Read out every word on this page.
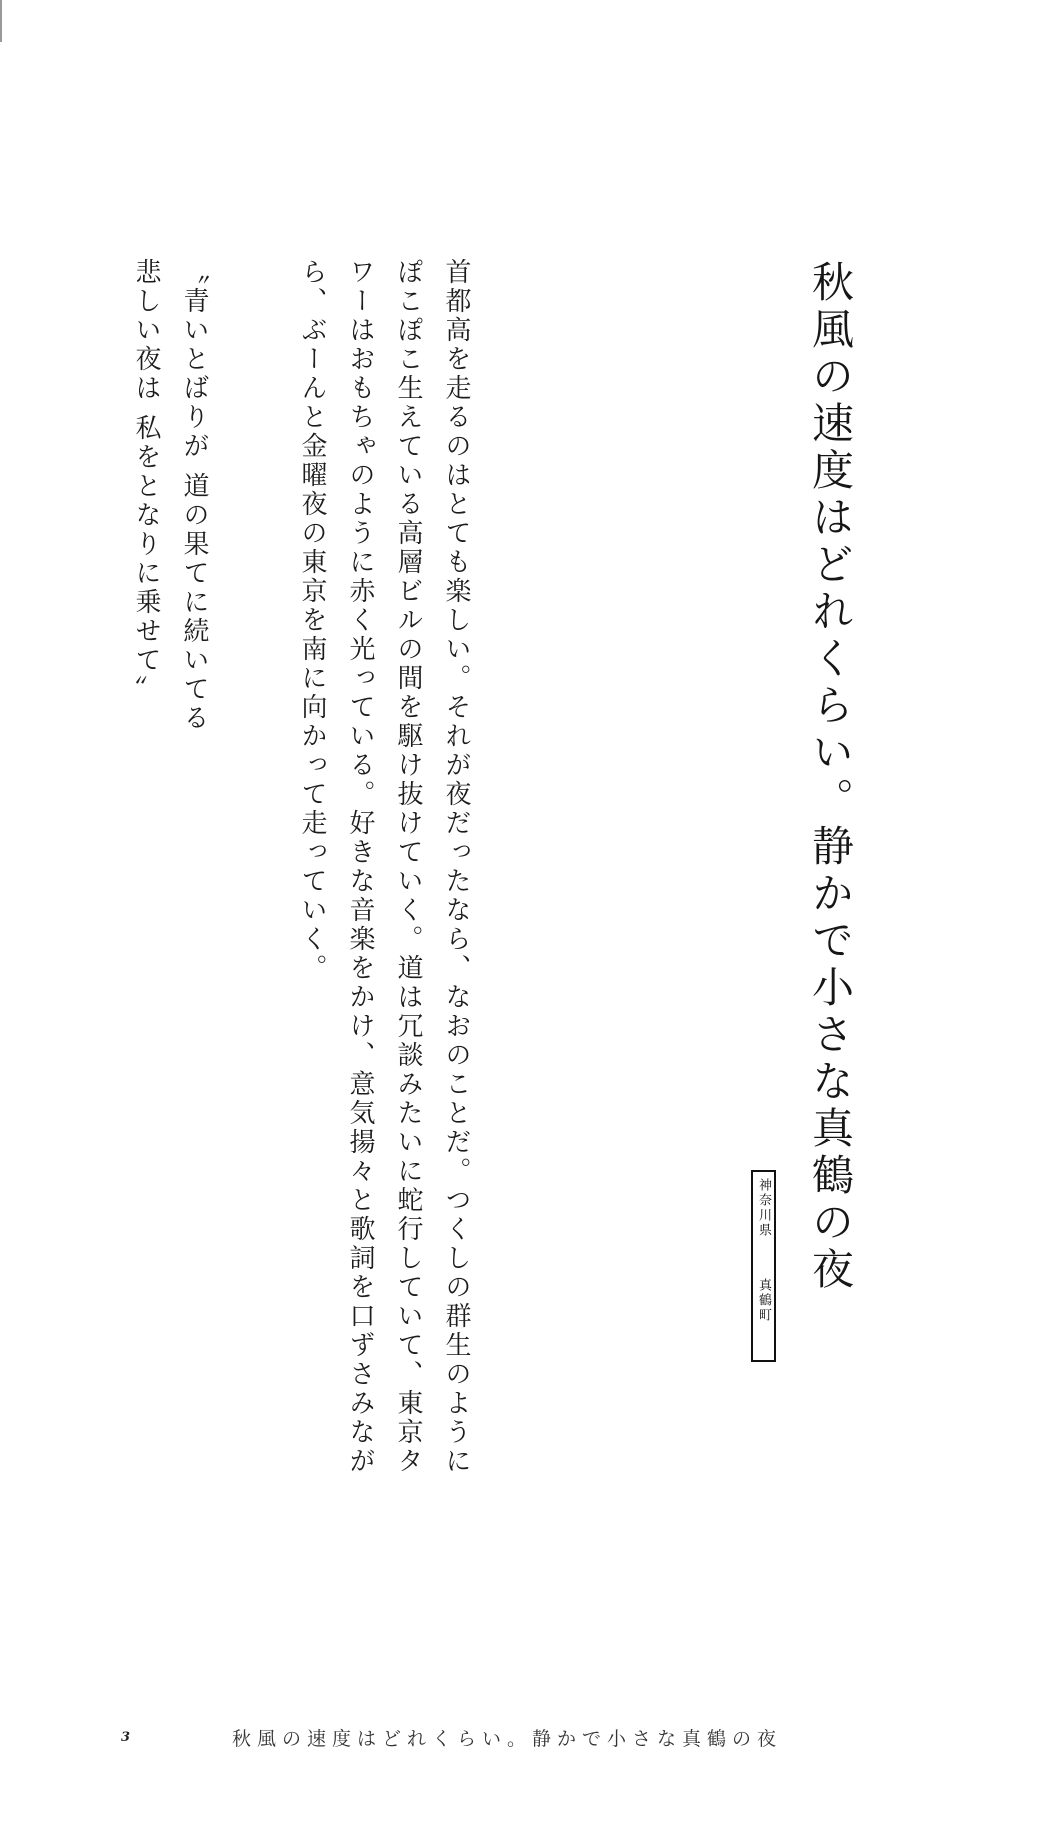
秋風の速度はどれくらい。静かで小さな真鶴の夜
神奈川県真鶴町

首都高を走るのはとても楽しい。それが夜だったなら、なおのことだ。つくしの群生のようにぽこぽこ生えている高層ビルの間を駆け抜けていく。道は冗談みたいに蛇行していて、東京タワーはおもちゃのように赤く光っている。好きな音楽をかけ、意気揚々と歌詞を口ずさみながら、ぶーんと金曜夜の東京を南に向かって走っていく。

〝青いとばりが 道の果てに続いてる
悲しい夜は 私をとなりに乗せて〟

3	秋風の速度はどれくらい。静かで小さな真鶴の夜
